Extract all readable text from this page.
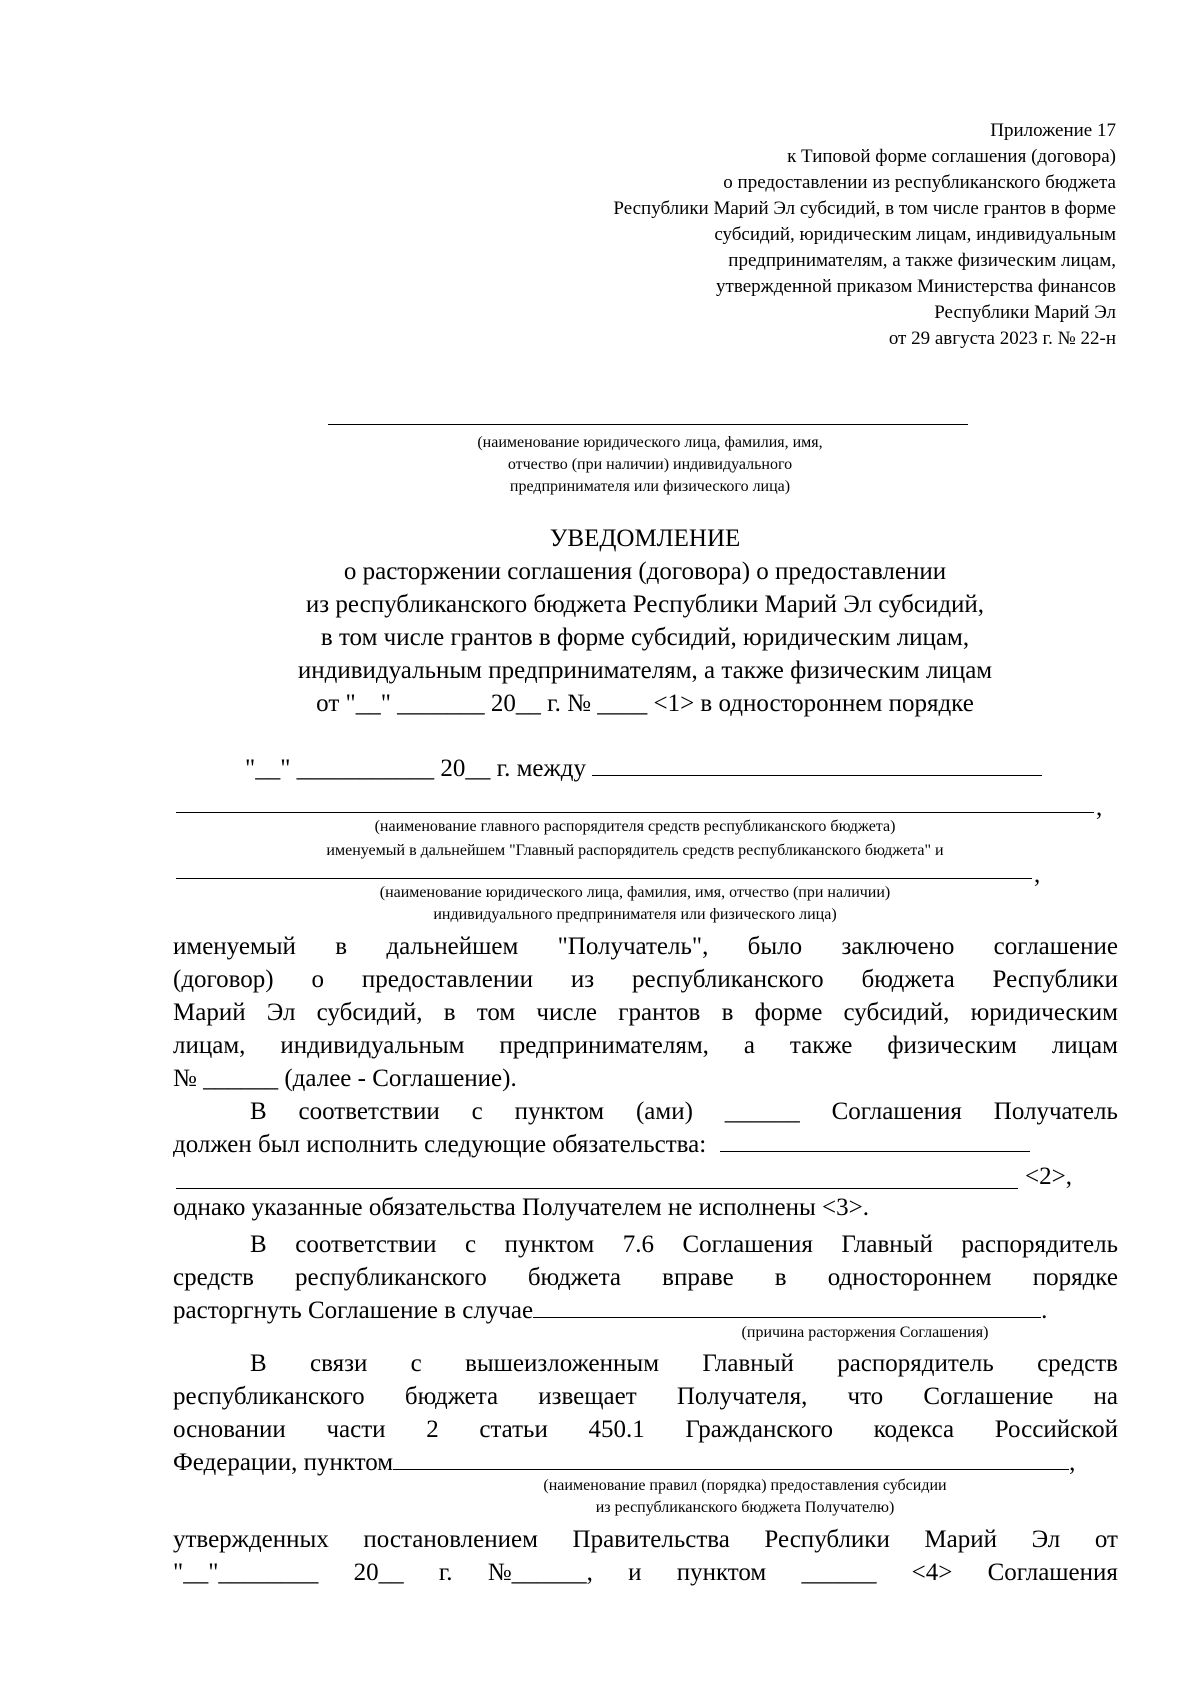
Приложение 17
к Типовой форме соглашения (договора)
о предоставлении из республиканского бюджета
Республики Марий Эл субсидий, в том числе грантов в форме
субсидий, юридическим лицам, индивидуальным
предпринимателям, а также физическим лицам,
утвержденной приказом Министерства финансов
Республики Марий Эл
от 29 августа 2023 г. № 22-н
(наименование юридического лица, фамилия, имя,
отчество (при наличии) индивидуального
предпринимателя или физического лица)
УВЕДОМЛЕНИЕ
о расторжении соглашения (договора) о предоставлении
из республиканского бюджета Республики Марий Эл субсидий,
в том числе грантов в форме субсидий, юридическим лицам,
индивидуальным предпринимателям, а также физическим лицам
от "__" _______ 20__ г. № ____ <1> в одностороннем порядке
"__" ___________ 20__ г. между
,
(наименование главного распорядителя средств республиканского бюджета)
именуемый в дальнейшем "Главный распорядитель средств республиканского бюджета" и
,
(наименование юридического лица, фамилия, имя, отчество (при наличии)
индивидуального предпринимателя или физического лица)
именуемый в дальнейшем "Получатель", было заключено соглашение
(договор) о предоставлении из республиканского бюджета Республики
Марий Эл субсидий, в том числе грантов в форме субсидий, юридическим
лицам, индивидуальным предпринимателям, а также физическим лицам
№ ______ (далее - Соглашение).
В соответствии с пунктом (ами) ______ Соглашения Получатель
должен был исполнить следующие обязательства:
<2>,
однако указанные обязательства Получателем не исполнены <3>.
В соответствии с пунктом 7.6 Соглашения Главный распорядитель
средств республиканского бюджета вправе в одностороннем порядке
расторгнуть Соглашение в случае	.
(причина расторжения Соглашения)
В связи с вышеизложенным Главный распорядитель средств
республиканского бюджета извещает Получателя, что Соглашение на
основании части 2 статьи 450.1 Гражданского кодекса Российской
Федерации, пунктом	,
(наименование правил (порядка) предоставления субсидии
из республиканского бюджета Получателю)
утвержденных постановлением Правительства Республики Марий Эл от
"__"________ 20__ г. №______, и пунктом ______ <4> Соглашения
